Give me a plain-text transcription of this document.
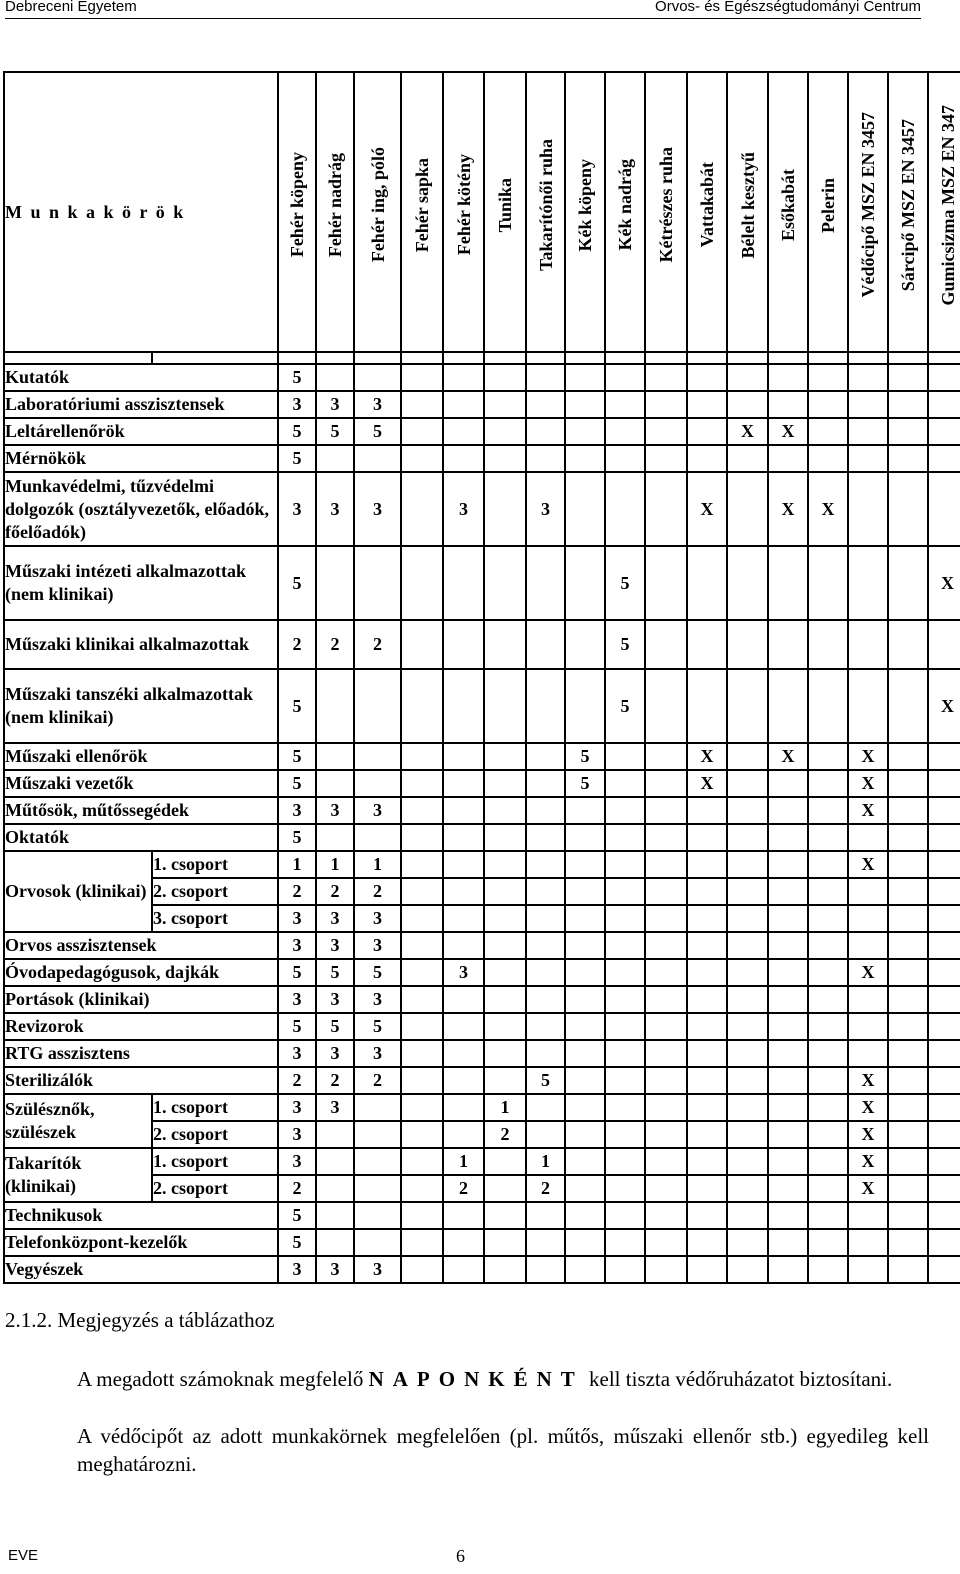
Debreceni Egyetem	Orvos- és Egészségtudományi Centrum
M u n k a k ö r ö k		Fehér köpeny	Fehér nadrág	Fehér ing, póló	Fehér sapka	Fehér kötény	Tunika	Takarítónői ruha	Kék köpeny	Kék nadrág	Kétrészes ruha	Vattakabát	Bélelt kesztyű	Esőkabát	Pelerin	Védőcipő MSZ EN 3457	Sárcipő MSZ EN 3457	Gumicsizma MSZ EN 347

Kutatók		5																
Laboratóriumi asszisztensek		3	3	3														
Leltárellenőrök		5	5	5									X	X				
Mérnökök		5																
Munkavédelmi, tűzvédelmi dolgozók (osztályvezetők, előadók, főelőadók)		3	3	3		3		3				X		X	X			
Műszaki intézeti alkalmazottak (nem klinikai)		5								5								X
Műszaki klinikai alkalmazottak		2	2	2						5								
Műszaki tanszéki alkalmazottak (nem klinikai)		5								5								X
Műszaki ellenőrök		5							5			X		X		X		
Műszaki vezetők		5							5			X				X		
Műtősök, műtőssegédek		3	3	3												X		
Oktatók		5																
Orvosok (klinikai)	1. csoport	1	1	1												X		
	2. csoport	2	2	2														
	3. csoport	3	3	3														
Orvos asszisztensek		3	3	3														
Óvodapedagógusok, dajkák		5	5	5		3										X		
Portások (klinikai)		3	3	3														
Revizorok		5	5	5														
RTG asszisztens		3	3	3														
Sterilizálók		2	2	2				5								X		
Szülésznők, szülészek	1. csoport	3	3				1									X		
	2. csoport	3					2									X		
Takarítók (klinikai)	1. csoport	3				1		1								X		
	2. csoport	2				2		2								X		
Technikusok		5																
Telefonközpont-kezelők		5																
Vegyészek		3	3	3														
2.1.2. Megjegyzés a táblázathoz
A megadott számoknak megfelelő NAPONKÉNT kell tiszta védőruházatot biztosítani.
A védőcipőt az adott munkakörnek megfelelően (pl. műtős, műszaki ellenőr stb.) egyedileg kell meghatározni.
EVE	6
